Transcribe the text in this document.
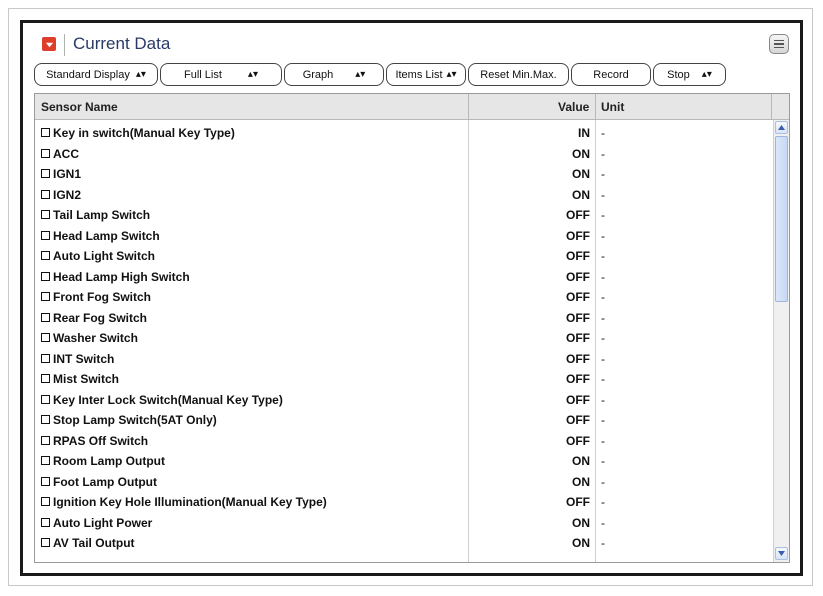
Current Data
Standard Display ▴▾	Full List	▴▾	Graph ▴▾	Items List ▴▾ Reset Min.Max.	Record	Stop ▴▾
Sensor Name	Value Unit
Key in switch(Manual Key Type)	IN -
ACC	ON -
IGN1	ON -
IGN2	ON -
Tail Lamp Switch	OFF -
Head Lamp Switch	OFF -
Auto Light Switch	OFF -
Head Lamp High Switch	OFF -
Front Fog Switch	OFF -
Rear Fog Switch	OFF -
Washer Switch	OFF -
INT Switch	OFF -
Mist Switch	OFF -
Key Inter Lock Switch(Manual Key Type)	OFF -
Stop Lamp Switch(5AT Only)	OFF -
RPAS Off Switch	OFF -
Room Lamp Output	ON -
Foot Lamp Output	ON -
Ignition Key Hole Illumination(Manual Key Type)	OFF -
Auto Light Power	ON -
AV Tail Output	ON -
